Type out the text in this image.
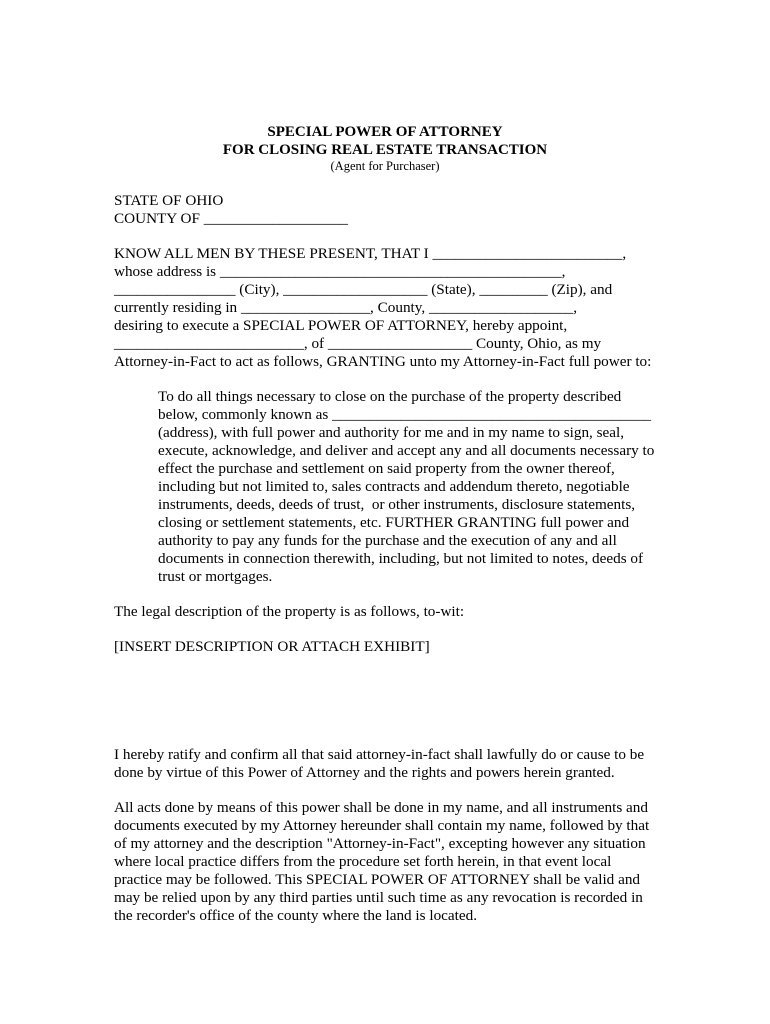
SPECIAL POWER OF ATTORNEY
FOR CLOSING REAL ESTATE TRANSACTION
(Agent for Purchaser)
STATE OF OHIO
COUNTY OF ___________________
KNOW ALL MEN BY THESE PRESENT, THAT I _________________________,
whose address is _____________________________________________,
________________ (City), ___________________ (State), _________ (Zip), and
currently residing in _________________, County, ___________________,
desiring to execute a SPECIAL POWER OF ATTORNEY, hereby appoint,
_________________________, of ___________________ County, Ohio, as my
Attorney-in-Fact to act as follows, GRANTING unto my Attorney-in-Fact full power to:
To do all things necessary to close on the purchase of the property described
below, commonly known as __________________________________________
(address), with full power and authority for me and in my name to sign, seal,
execute, acknowledge, and deliver and accept any and all documents necessary to
effect the purchase and settlement on said property from the owner thereof,
including but not limited to, sales contracts and addendum thereto, negotiable
instruments, deeds, deeds of trust,  or other instruments, disclosure statements,
closing or settlement statements, etc. FURTHER GRANTING full power and
authority to pay any funds for the purchase and the execution of any and all
documents in connection therewith, including, but not limited to notes, deeds of
trust or mortgages.
The legal description of the property is as follows, to-wit:
[INSERT DESCRIPTION OR ATTACH EXHIBIT]
I hereby ratify and confirm all that said attorney-in-fact shall lawfully do or cause to be
done by virtue of this Power of Attorney and the rights and powers herein granted.
All acts done by means of this power shall be done in my name, and all instruments and
documents executed by my Attorney hereunder shall contain my name, followed by that
of my attorney and the description "Attorney-in-Fact", excepting however any situation
where local practice differs from the procedure set forth herein, in that event local
practice may be followed. This SPECIAL POWER OF ATTORNEY shall be valid and
may be relied upon by any third parties until such time as any revocation is recorded in
the recorder's office of the county where the land is located.
